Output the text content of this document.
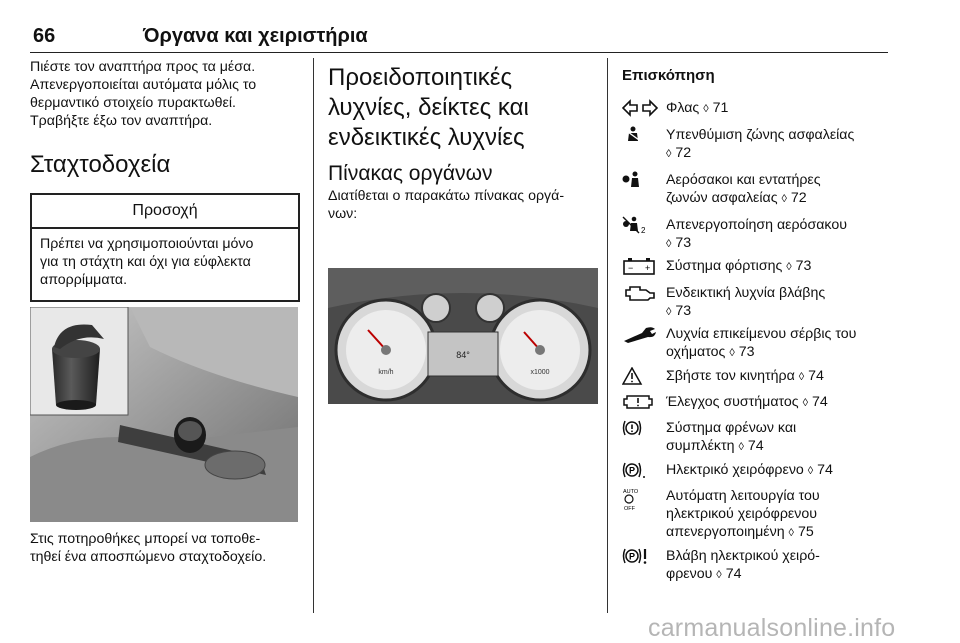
66	Όργανα και χειριστήρια

Πιέστε τον αναπτήρα προς τα μέσα.

Απενεργοποιείται αυτόματα μόλις το

θερμαντικό στοιχείο πυρακτωθεί.

Τραβήξτε έξω τον αναπτήρα.

Σταχτοδοχεία
Προσοχή
Πρέπει να χρησιμοποιούνται μόνο
για τη στάχτη και όχι για εύφλεκτα
απορρίμματα.

Στις ποτηροθήκες μπορεί να τοποθε-

τηθεί ένα αποσπώμενο σταχτοδοχείο.

Προειδοποιητικές
λυχνίες, δείκτες και
ενδεικτικές λυχνίες
Πίνακας οργάνων

Διατίθεται ο παρακάτω πίνακας οργά-

νων:

km/h	x1000
84°
Επισκόπηση
Φλας ◊ 71
Υπενθύμιση ζώνης ασφαλείας
◊ 72
Αερόσακοι και εντατήρες
ζωνών ασφαλείας ◊ 72
2 Απενεργοποίηση αερόσακου
◊ 73
− + Σύστημα φόρτισης ◊ 73
Ενδεικτική λυχνία βλάβης
◊ 73
Λυχνία επικείμενου σέρβις του
οχήματος ◊ 73
Σβήστε τον κινητήρα ◊ 74
Έλεγχος συστήματος ◊ 74
Σύστημα φρένων και
συμπλέκτη ◊ 74
P Ηλεκτρικό χειρόφρενο ◊ 74
AUTO
OFF
Αυτόματη λειτουργία του
ηλεκτρικού χειρόφρενου
απενεργοποιημένη ◊ 75
P Βλάβη ηλεκτρικού χειρό-
φρενου ◊ 74
carmanualsonline.info
